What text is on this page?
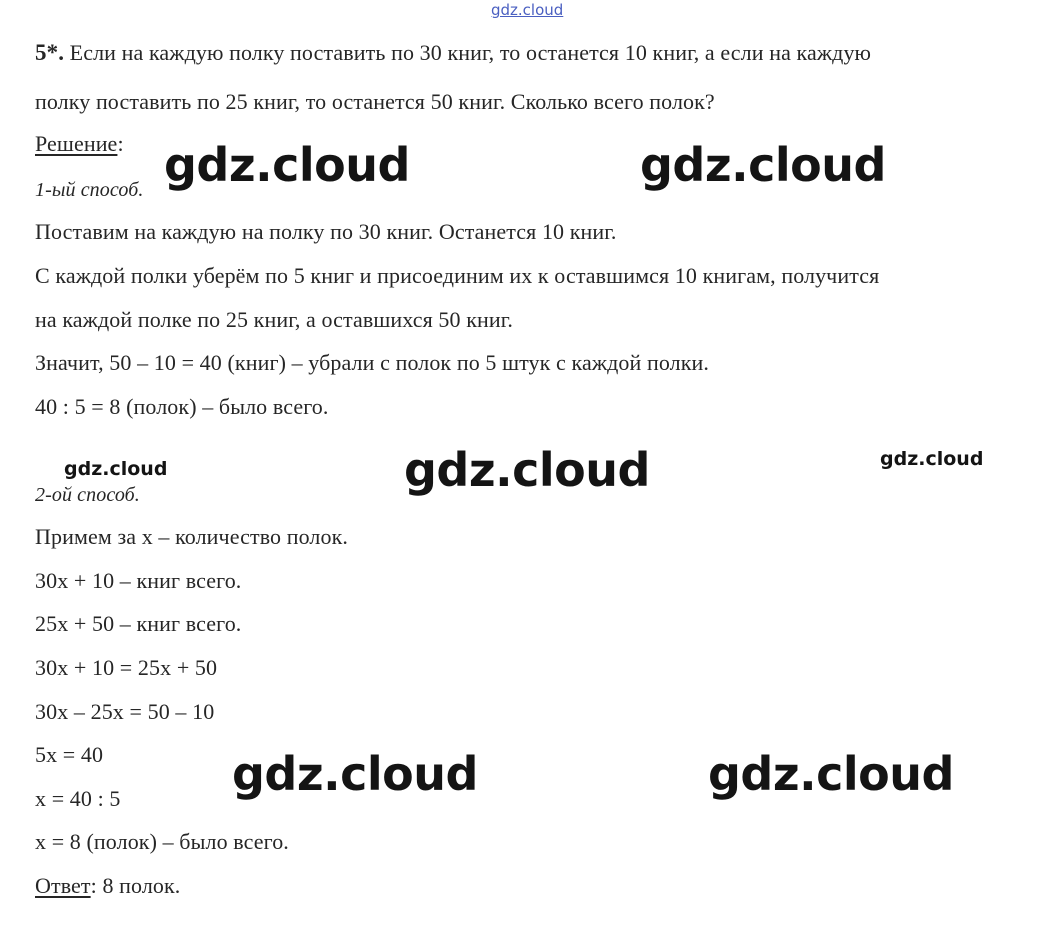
gdz.cloud
5*. Если на каждую полку поставить по 30 книг, то останется 10 книг, а если на каждую
полку поставить по 25 книг, то останется 50 книг. Сколько всего полок?
Решение:
1-ый способ.
Поставим на каждую на полку по 30 книг. Останется 10 книг.
С каждой полки уберём по 5 книг и присоединим их к оставшимся 10 книгам, получится
на каждой полке по 25 книг, а оставшихся 50 книг.
Значит, 50 – 10 = 40 (книг) – убрали с полок по 5 штук с каждой полки.
40 : 5 = 8 (полок) – было всего.
2-ой способ.
Примем за x – количество полок.
30x + 10 – книг всего.
25x + 50 – книг всего.
30x + 10 = 25x + 50
30x – 25x = 50 – 10
5x = 40
x = 40 : 5
x = 8 (полок) – было всего.
Ответ: 8 полок.
gdz.cloud	gdz.cloud
gdz.cloud	gdz.cloud	gdz.cloud
gdz.cloud	gdz.cloud
